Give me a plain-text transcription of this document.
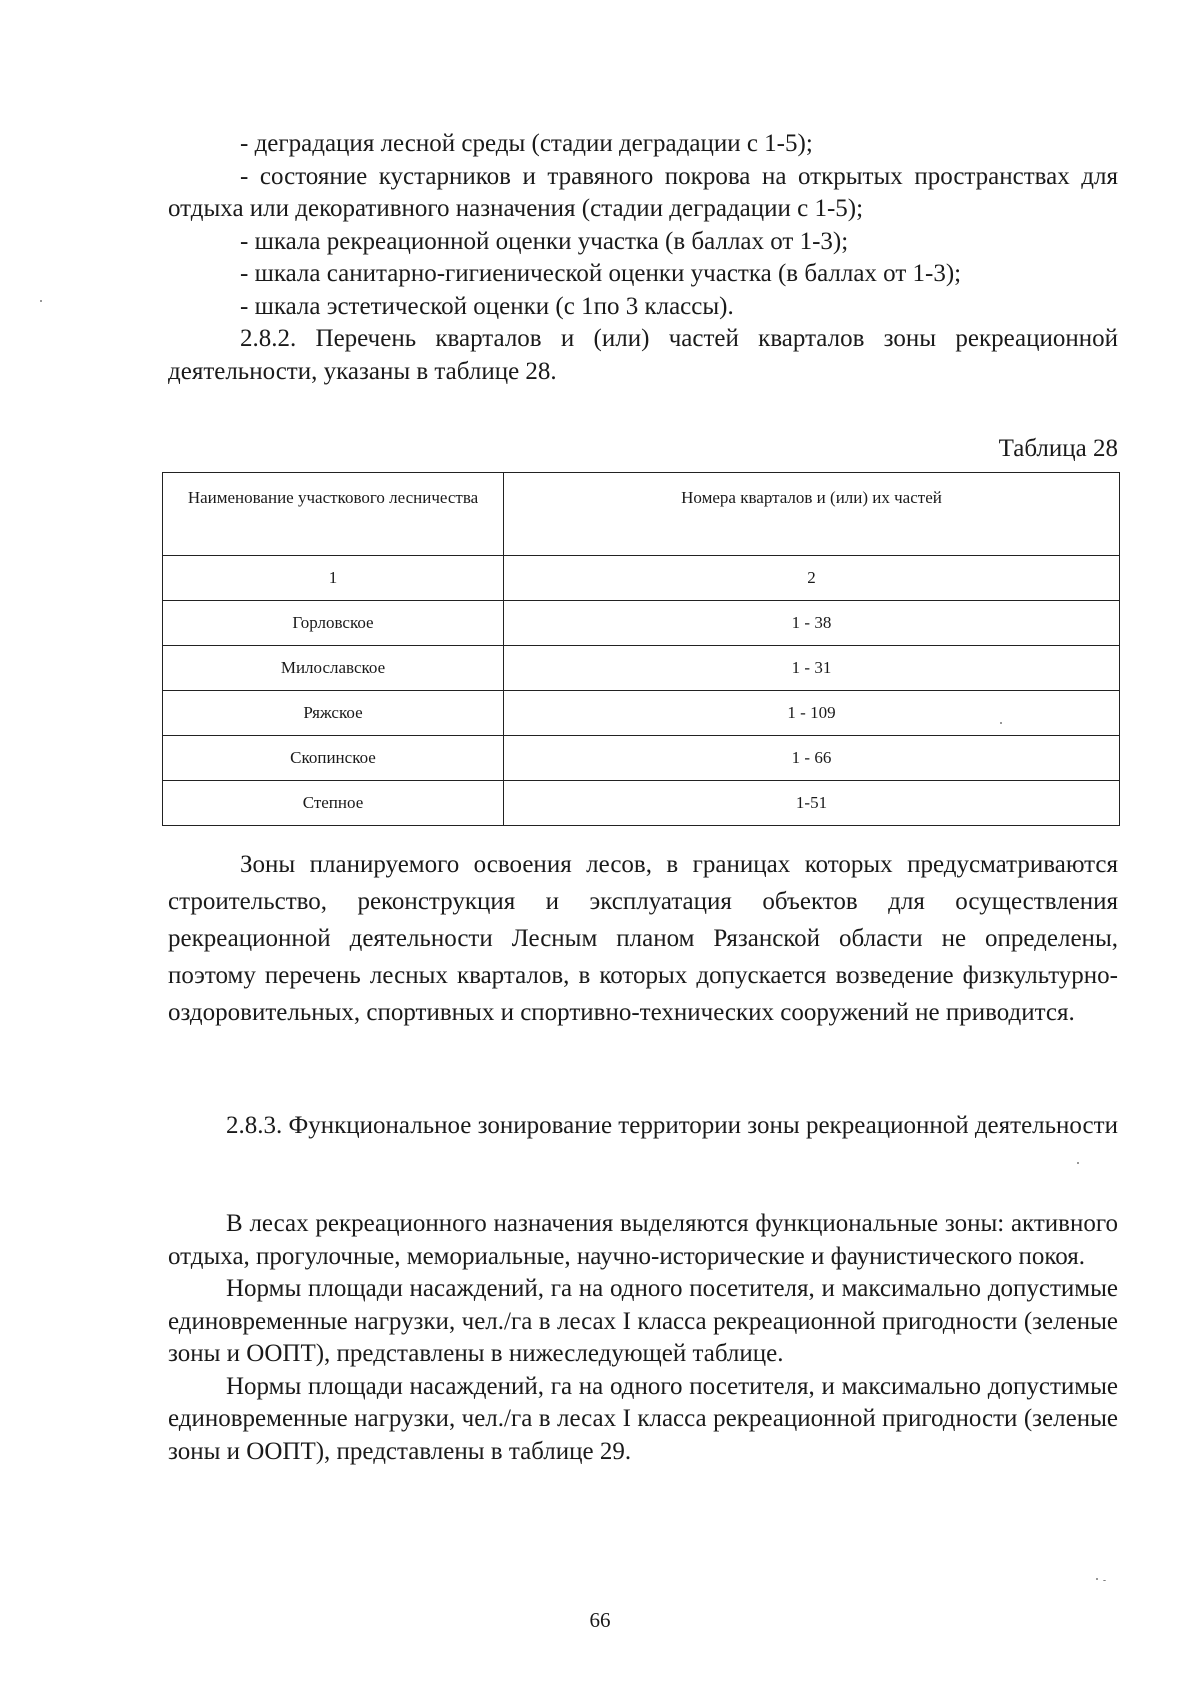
- деградация лесной среды (стадии деградации с 1-5);

- состояние кустарников и травяного покрова на открытых пространствах для отдыха или декоративного назначения (стадии деградации с 1-5);

- шкала рекреационной оценки участка (в баллах от 1-3);

- шкала санитарно-гигиенической оценки участка (в баллах от 1-3);

- шкала эстетической оценки (с 1по 3 классы).

2.8.2. Перечень кварталов и (или) частей кварталов зоны рекреационной деятельности, указаны в таблице 28.

Таблица 28
Наименование участкового лесничества	Номера кварталов и (или) их частей
1	2
Горловское	1 - 38
Милославское	1 - 31
Ряжское	1 - 109
Скопинское	1 - 66
Степное	1-51

Зоны планируемого освоения лесов, в границах которых предусматриваются строительство, реконструкция и эксплуатация объектов для осуществления рекреационной деятельности Лесным планом Рязанской области не определены, поэтому перечень лесных кварталов, в которых допускается возведение физкультурно-оздоровительных, спортивных и спортивно-технических сооружений не приводится.

2.8.3. Функциональное зонирование территории зоны рекреационной деятельности

В лесах рекреационного назначения выделяются функциональные зоны: активного отдыха, прогулочные, мемориальные, научно-исторические и фаунистического покоя.

Нормы площади насаждений, га на одного посетителя, и максимально допустимые единовременные нагрузки, чел./га в лесах I класса рекреационной пригодности (зеленые зоны и ООПТ), представлены в нижеследующей таблице.

Нормы площади насаждений, га на одного посетителя, и максимально допустимые единовременные нагрузки, чел./га в лесах I класса рекреационной пригодности (зеленые зоны и ООПТ), представлены в таблице 29.

66
